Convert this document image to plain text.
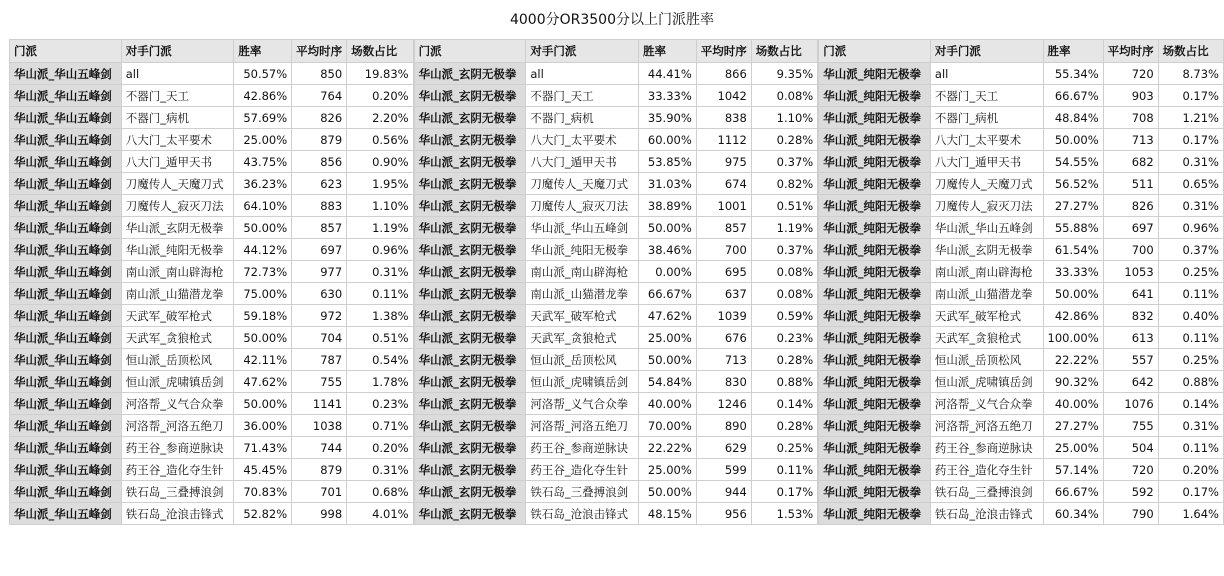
4000分OR3500分以上门派胜率
门派	对手门派	胜率	平均时序	场数占比
华山派_华山五峰剑	all	50.57%	850	19.83%
华山派_华山五峰剑	不器门_天工	42.86%	764	0.20%
华山派_华山五峰剑	不器门_病机	57.69%	826	2.20%
华山派_华山五峰剑	八大门_太平要术	25.00%	879	0.56%
华山派_华山五峰剑	八大门_遁甲天书	43.75%	856	0.90%
华山派_华山五峰剑	刀魔传人_天魔刀式	36.23%	623	1.95%
华山派_华山五峰剑	刀魔传人_寂灭刀法	64.10%	883	1.10%
华山派_华山五峰剑	华山派_玄阴无极拳	50.00%	857	1.19%
华山派_华山五峰剑	华山派_纯阳无极拳	44.12%	697	0.96%
华山派_华山五峰剑	南山派_南山辟海枪	72.73%	977	0.31%
华山派_华山五峰剑	南山派_山猫潜龙拳	75.00%	630	0.11%
华山派_华山五峰剑	天武军_破军枪式	59.18%	972	1.38%
华山派_华山五峰剑	天武军_贪狼枪式	50.00%	704	0.51%
华山派_华山五峰剑	恒山派_岳顶松风	42.11%	787	0.54%
华山派_华山五峰剑	恒山派_虎啸镇岳剑	47.62%	755	1.78%
华山派_华山五峰剑	河洛帮_义气合众拳	50.00%	1141	0.23%
华山派_华山五峰剑	河洛帮_河洛五绝刀	36.00%	1038	0.71%
华山派_华山五峰剑	药王谷_参商逆脉诀	71.43%	744	0.20%
华山派_华山五峰剑	药王谷_造化夺生针	45.45%	879	0.31%
华山派_华山五峰剑	铁石岛_三叠搏浪剑	70.83%	701	0.68%
华山派_华山五峰剑	铁石岛_沧浪击锋式	52.82%	998	4.01%
门派	对手门派	胜率	平均时序	场数占比
华山派_玄阴无极拳	all	44.41%	866	9.35%
华山派_玄阴无极拳	不器门_天工	33.33%	1042	0.08%
华山派_玄阴无极拳	不器门_病机	35.90%	838	1.10%
华山派_玄阴无极拳	八大门_太平要术	60.00%	1112	0.28%
华山派_玄阴无极拳	八大门_遁甲天书	53.85%	975	0.37%
华山派_玄阴无极拳	刀魔传人_天魔刀式	31.03%	674	0.82%
华山派_玄阴无极拳	刀魔传人_寂灭刀法	38.89%	1001	0.51%
华山派_玄阴无极拳	华山派_华山五峰剑	50.00%	857	1.19%
华山派_玄阴无极拳	华山派_纯阳无极拳	38.46%	700	0.37%
华山派_玄阴无极拳	南山派_南山辟海枪	0.00%	695	0.08%
华山派_玄阴无极拳	南山派_山猫潜龙拳	66.67%	637	0.08%
华山派_玄阴无极拳	天武军_破军枪式	47.62%	1039	0.59%
华山派_玄阴无极拳	天武军_贪狼枪式	25.00%	676	0.23%
华山派_玄阴无极拳	恒山派_岳顶松风	50.00%	713	0.28%
华山派_玄阴无极拳	恒山派_虎啸镇岳剑	54.84%	830	0.88%
华山派_玄阴无极拳	河洛帮_义气合众拳	40.00%	1246	0.14%
华山派_玄阴无极拳	河洛帮_河洛五绝刀	70.00%	890	0.28%
华山派_玄阴无极拳	药王谷_参商逆脉诀	22.22%	629	0.25%
华山派_玄阴无极拳	药王谷_造化夺生针	25.00%	599	0.11%
华山派_玄阴无极拳	铁石岛_三叠搏浪剑	50.00%	944	0.17%
华山派_玄阴无极拳	铁石岛_沧浪击锋式	48.15%	956	1.53%
门派	对手门派	胜率	平均时序	场数占比
华山派_纯阳无极拳	all	55.34%	720	8.73%
华山派_纯阳无极拳	不器门_天工	66.67%	903	0.17%
华山派_纯阳无极拳	不器门_病机	48.84%	708	1.21%
华山派_纯阳无极拳	八大门_太平要术	50.00%	713	0.17%
华山派_纯阳无极拳	八大门_遁甲天书	54.55%	682	0.31%
华山派_纯阳无极拳	刀魔传人_天魔刀式	56.52%	511	0.65%
华山派_纯阳无极拳	刀魔传人_寂灭刀法	27.27%	826	0.31%
华山派_纯阳无极拳	华山派_华山五峰剑	55.88%	697	0.96%
华山派_纯阳无极拳	华山派_玄阴无极拳	61.54%	700	0.37%
华山派_纯阳无极拳	南山派_南山辟海枪	33.33%	1053	0.25%
华山派_纯阳无极拳	南山派_山猫潜龙拳	50.00%	641	0.11%
华山派_纯阳无极拳	天武军_破军枪式	42.86%	832	0.40%
华山派_纯阳无极拳	天武军_贪狼枪式	100.00%	613	0.11%
华山派_纯阳无极拳	恒山派_岳顶松风	22.22%	557	0.25%
华山派_纯阳无极拳	恒山派_虎啸镇岳剑	90.32%	642	0.88%
华山派_纯阳无极拳	河洛帮_义气合众拳	40.00%	1076	0.14%
华山派_纯阳无极拳	河洛帮_河洛五绝刀	27.27%	755	0.31%
华山派_纯阳无极拳	药王谷_参商逆脉诀	25.00%	504	0.11%
华山派_纯阳无极拳	药王谷_造化夺生针	57.14%	720	0.20%
华山派_纯阳无极拳	铁石岛_三叠搏浪剑	66.67%	592	0.17%
华山派_纯阳无极拳	铁石岛_沧浪击锋式	60.34%	790	1.64%
